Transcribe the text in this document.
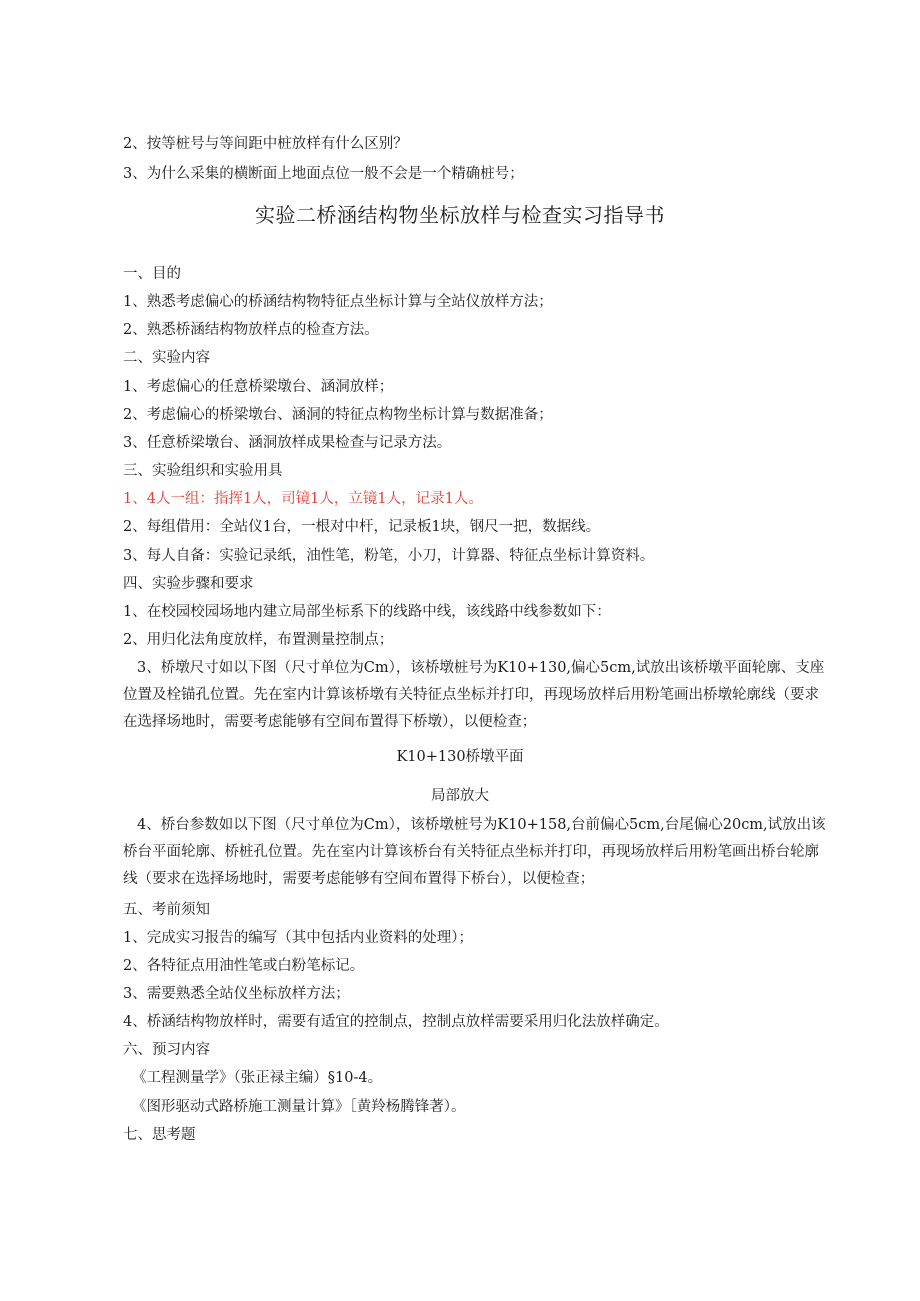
2、按等桩号与等间距中桩放样有什么区别？
3、为什么采集的横断面上地面点位一般不会是一个精确桩号；
实验二桥涵结构物坐标放样与检查实习指导书
一、目的
1、熟悉考虑偏心的桥涵结构物特征点坐标计算与全站仪放样方法；
2、熟悉桥涵结构物放样点的检查方法。
二、实验内容
1、考虑偏心的任意桥梁墩台、涵洞放样；
2、考虑偏心的桥梁墩台、涵洞的特征点构物坐标计算与数据准备；
3、任意桥梁墩台、涵洞放样成果检查与记录方法。
三、实验组织和实验用具
1、4人一组：指挥1人，司镜1人，立镜1人，记录1人。
2、每组借用：全站仪1台，一根对中杆，记录板1块，钢尺一把，数据线。
3、每人自备：实验记录纸，油性笔，粉笔，小刀，计算器、特征点坐标计算资料。
四、实验步骤和要求
1、在校园校园场地内建立局部坐标系下的线路中线，该线路中线参数如下：
2、用归化法角度放样，布置测量控制点；
3、桥墩尺寸如以下图（尺寸单位为Cm），该桥墩桩号为K10+130,偏心5cm,试放出该桥墩平面轮廓、支座位置及栓锚孔位置。先在室内计算该桥墩有关特征点坐标并打印，再现场放样后用粉笔画出桥墩轮廓线（要求在选择场地时，需要考虑能够有空间布置得下桥墩），以便检查；
K10+130桥墩平面
局部放大
4、桥台参数如以下图（尺寸单位为Cm），该桥墩桩号为K10+158,台前偏心5cm,台尾偏心20cm,试放出该桥台平面轮廓、桥桩孔位置。先在室内计算该桥台有关特征点坐标并打印，再现场放样后用粉笔画出桥台轮廓线（要求在选择场地时，需要考虑能够有空间布置得下桥台），以便检查；
五、考前须知
1、完成实习报告的编写（其中包括内业资料的处理）；
2、各特征点用油性笔或白粉笔标记。
3、需要熟悉全站仪坐标放样方法；
4、桥涵结构物放样时，需要有适宜的控制点，控制点放样需要采用归化法放样确定。
六、预习内容
《工程测量学》（张正禄主编）§10-4。
《图形驱动式路桥施工测量计算》［黄羚杨腾锋著）。
七、思考题
